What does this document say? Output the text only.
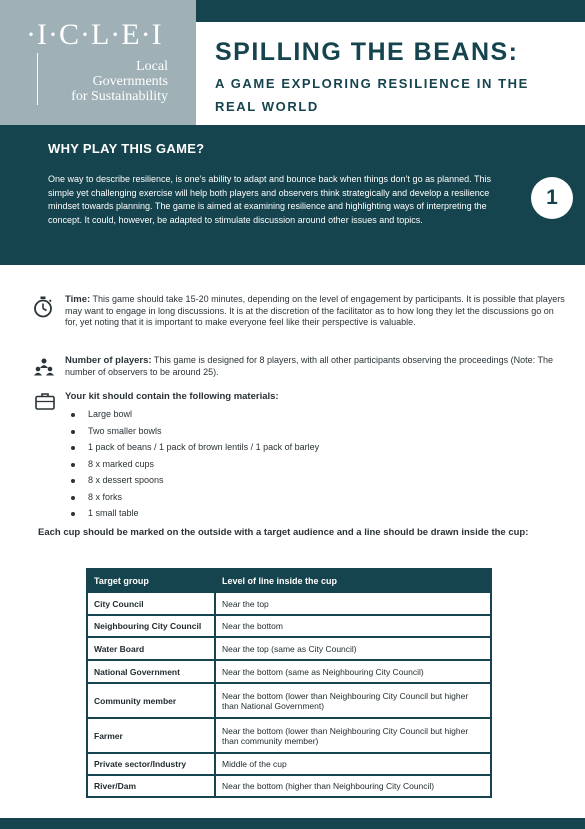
·I·C·L·E·I
Local
Governments
for Sustainability
SPILLING THE BEANS:
A GAME EXPLORING RESILIENCE IN THE REAL WORLD
WHY PLAY THIS GAME?
One way to describe resilience, is one’s ability to adapt and bounce back when things don’t go as planned. This simple yet challenging exercise will help both players and observers think strategically and develop a resilience mindset towards planning. The game is aimed at examining resilience and highlighting ways of interpreting the concept. It could, however, be adapted to stimulate discussion around other issues and topics.
1
Time: This game should take 15-20 minutes, depending on the level of engagement by participants. It is possible that players may want to engage in long discussions. It is at the discretion of the facilitator as to how long they let the discussions go on for, yet noting that it is important to make everyone feel like their perspective is valuable.
Number of players: This game is designed for 8 players, with all other participants observing the proceedings (Note: The number of observers to be around 25).
Your kit should contain the following materials:
Large bowl
Two smaller bowls
1 pack of beans / 1 pack of brown lentils / 1 pack of barley
8 x marked cups
8 x dessert spoons
8 x forks
1 small table
Each cup should be marked on the outside with a target audience and a line should be drawn inside the cup:
Target group	Level of line inside the cup
City Council	Near the top
Neighbouring City Council	Near the bottom
Water Board	Near the top (same as City Council)
National Government	Near the bottom (same as Neighbouring City Council)
Community member	Near the bottom (lower than Neighbouring City Council but higher than National Government)
Farmer	Near the bottom (lower than Neighbouring City Council but higher than community member)
Private sector/Industry	Middle of the cup
River/Dam	Near the bottom (higher than Neighbouring City Council)
